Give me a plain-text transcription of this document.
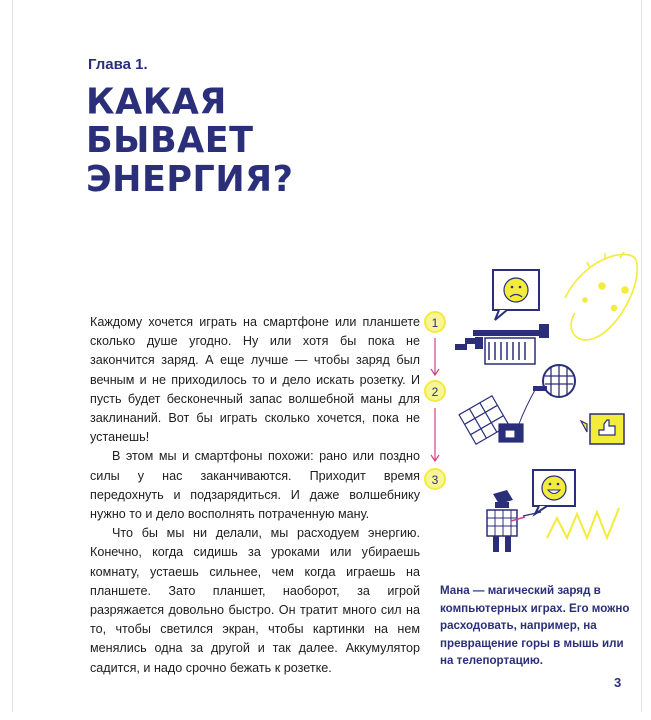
Глава 1.
КАКАЯ
БЫВАЕТ
ЭНЕРГИЯ?

Каждому хочется играть на смартфоне или планшете сколько душе угодно. Ну или хотя бы пока не закончится заряд. А еще лучше — чтобы заряд был вечным и не приходилось то и дело искать розетку. И пусть будет бесконечный запас волшебной маны для заклинаний. Вот бы играть сколько хочется, пока не устанешь!

В этом мы и смартфоны похожи: рано или поздно силы у нас заканчиваются. Приходит время передохнуть и подзарядиться. И даже волшебнику нужно то и дело восполнять потраченную ману.

Что бы мы ни делали, мы расходуем энергию. Конечно, когда сидишь за уроками или убираешь комнату, устаешь сильнее, чем когда играешь на планшете. Зато планшет, наоборот, за игрой разряжается довольно быстро. Он тратит много сил на то, чтобы светился экран, чтобы картинки на нем менялись одна за другой и так далее. Аккумулятор садится, и надо срочно бежать к розетке.

Мана — магический заряд в компьютерных играх. Его можно расходовать, например, на превращение горы в мышь или на телепортацию.
3
1
2
3
